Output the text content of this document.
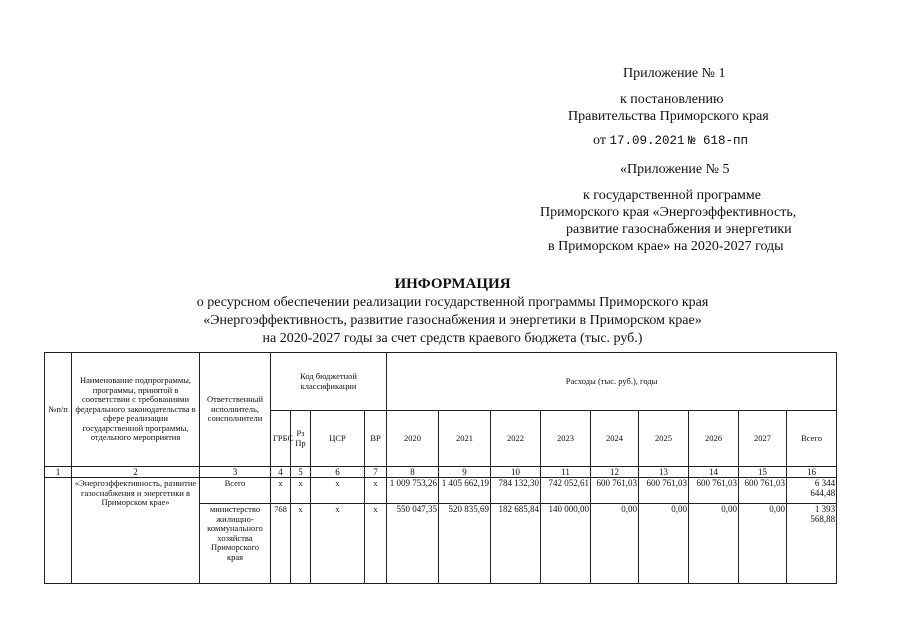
Приложение № 1
к постановлению
Правительства Приморского края
от 17.09.2021 № 618-пп
«Приложение № 5
к государственной программе
Приморского края «Энергоэффективность,
развитие газоснабжения и энергетики
в Приморском крае» на 2020-2027 годы
ИНФОРМАЦИЯ
о ресурсном обеспечении реализации государственной программы Приморского края
«Энергоэффективность, развитие газоснабжения и энергетики в Приморском крае»
на 2020-2027 годы за счет средств краевого бюджета (тыс. руб.)
№п/п	Наименование подпрограммы, программы, принятой в соответствии с требованиями федерального законодательства в сфере реализации государственной программы, отдельного мероприятия	Ответственный исполнитель, соисполнители	Код бюджетной классификации				Расходы (тыс. руб.), годы								
			ГРБС	Рз Пр	ЦСР	ВР	2020	2021	2022	2023	2024	2025	2026	2027	Всего
1	2	3	4	5	6	7	8	9	10	11	12	13	14	15	16
	«Энергоэффективность, развитие газоснабжения и энергетики в Приморском крае»	Всего	х	х	х	х	1 009 753,26	1 405 662,19	784 132,30	742 052,61	600 761,03	600 761,03	600 761,03	600 761,03	6 344 644,48
		министерство жилищно-коммунального хозяйства Приморского края	768	х	х	х	550 047,35	520 835,69	182 685,84	140 000,00	0,00	0,00	0,00	0,00	1 393 568,88
